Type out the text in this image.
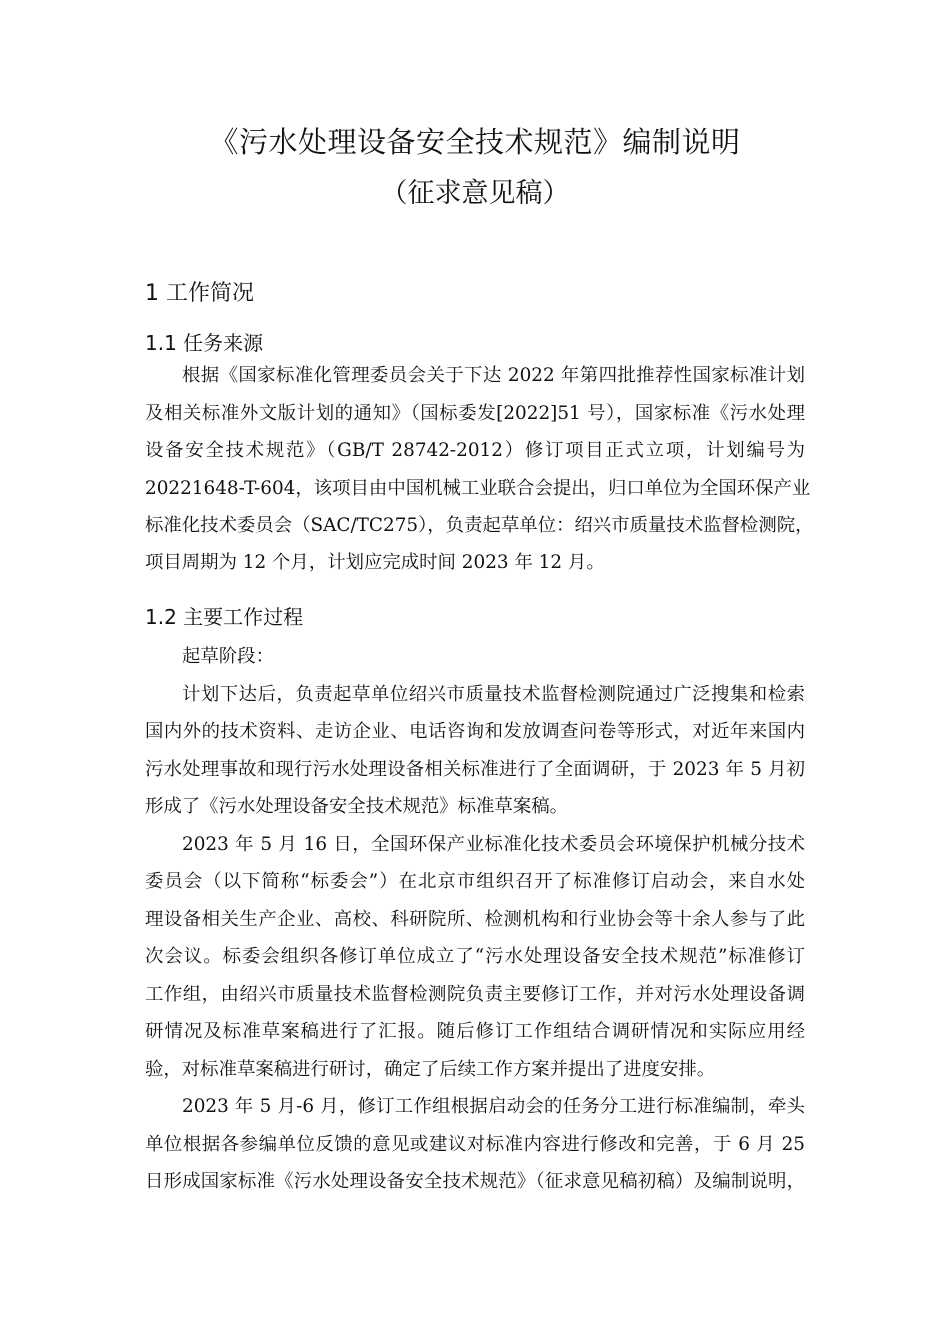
《污水处理设备安全技术规范》编制说明
（征求意见稿）
1 工作简况
1.1 任务来源
根据《国家标准化管理委员会关于下达 2022 年第四批推荐性国家标准计划
及相关标准外文版计划的通知》（国标委发[2022]51 号），国家标准《污水处理
设备安全技术规范》（GB/T 28742-2012）修订项目正式立项，计划编号为
20221648-T-604，该项目由中国机械工业联合会提出，归口单位为全国环保产业
标准化技术委员会（SAC/TC275），负责起草单位：绍兴市质量技术监督检测院，
项目周期为 12 个月，计划应完成时间 2023 年 12 月。
1.2 主要工作过程
起草阶段：
计划下达后，负责起草单位绍兴市质量技术监督检测院通过广泛搜集和检索
国内外的技术资料、走访企业、电话咨询和发放调查问卷等形式，对近年来国内
污水处理事故和现行污水处理设备相关标准进行了全面调研，于 2023 年 5 月初
形成了《污水处理设备安全技术规范》标准草案稿。
2023 年 5 月 16 日，全国环保产业标准化技术委员会环境保护机械分技术
委员会（以下简称“标委会”）在北京市组织召开了标准修订启动会，来自水处
理设备相关生产企业、高校、科研院所、检测机构和行业协会等十余人参与了此
次会议。标委会组织各修订单位成立了“污水处理设备安全技术规范”标准修订
工作组，由绍兴市质量技术监督检测院负责主要修订工作，并对污水处理设备调
研情况及标准草案稿进行了汇报。随后修订工作组结合调研情况和实际应用经
验，对标准草案稿进行研讨，确定了后续工作方案并提出了进度安排。
2023 年 5 月-6 月，修订工作组根据启动会的任务分工进行标准编制，牵头
单位根据各参编单位反馈的意见或建议对标准内容进行修改和完善，于 6 月 25
日形成国家标准《污水处理设备安全技术规范》（征求意见稿初稿）及编制说明，
